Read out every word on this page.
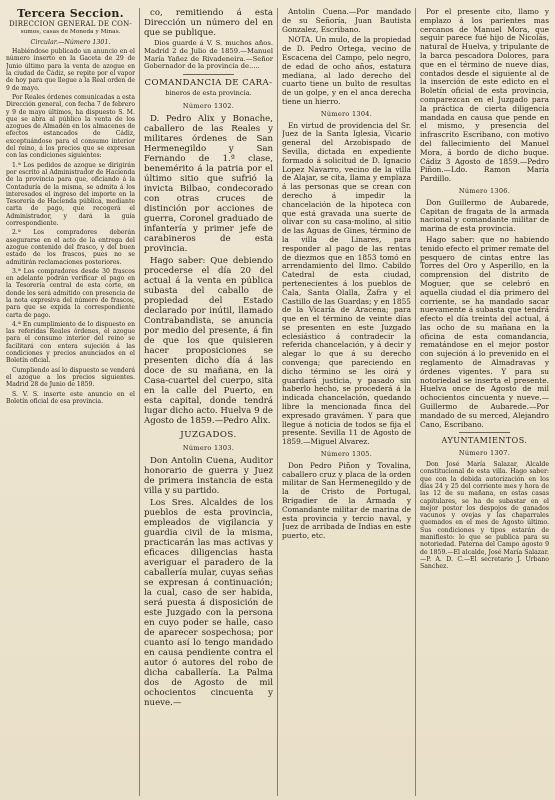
Tercera Seccion.
DIRECCION GENERAL DE CON-
sumos, casas de Moneda y Minas.
Circular.—Número 1301.

Habiéndose publicado un anuncio en el número inserto en la Gaceta de 29 de Junio último para la venta de azogue en la ciudad de Cádiz, se repite por el vapor de hoy para que llegue a la Real orden de 9 de mayo.

Por Reales órdenes comunicadas a esta Dirección general, con fecha 7 de febrero y 9 de mayo últimos, ha dispuesto S. M. que se abra al público la venta de los azogues de Almadén en los almacenes de efectos estancados de Cádiz, exceptuándose para el consumo interior del reino, á los precios que se expresan con las condiciones siguientes:

1.ª Los pedidos de azogue se dirigirán por escrito al Administrador de Hacienda de la provincia para que, oficiando á la Contaduría de la misma, se admita á los interesados el ingreso del importe en la Tesorería de Hacienda pública, mediante carta de pago, que recogerá el Administrador, y dará la guía correspondiente.

2.ª Los compradores deberán asegurarse en el acto de la entrega del azogue contenido del frasco, y del buen estado de los frascos, pues no se admitirán reclamaciones posteriores.

3.ª Los compradores desde 30 frascos en adelante podrán verificar el pago en la Tesorería central de esta corte, en donde les será admitido con presencia de la nota expresiva del número de frascos, para que se expida la correspondiente carta de pago.

4.ª En cumplimiento de lo dispuesto en las referidas Reales órdenes, el azogue para el consumo interior del reino se facilitará con entera sujeción á las condiciones y precios anunciados en el Boletín oficial.

Cumpliendo así lo dispuesto se venderá el azogue a los precios siguientes. Madrid 28 de Junio de 1859.

S. V. S. inserte este anuncio en el Boletín oficial de esa provincia.

co, remitiendo á esta Dirección un número del en que se publique.

Dios guarde á V. S. muchos años. Madrid 2 de Julio de 1859.—Manuel María Yañez de Rivadeneira.—Señor Gobernador de la provincia de.....

COMANDANCIA DE CARA-
bineros de esta provincia.
Número 1302.

D. Pedro Alix y Bonache, caballero de las Reales y militares órdenes de San Hermenegildo y San Fernando de 1.ª clase, benemérito á la patria por el último sitio que sufrió la invicta Bilbao, condecorado con otras cruces de distinción por acciones de guerra, Coronel graduado de infantería y primer jefe de carabineros de esta provincia.

Hago saber: Que debiendo procederse el día 20 del actual á la venta en pública subasta del caballo de propiedad del Estado declarado por inútil, llamado Contrabandista, se anuncia por medio del presente, á fin de que los que quisieren hacer proposiciones se presenten dicho día á las doce de su mañana, en la Casa-cuartel del cuerpo, sita en la calle del Puerto, en esta capital, donde tendrá lugar dicho acto. Huelva 9 de Agosto de 1859.—Pedro Alix.

JUZGADOS.
Número 1303.

Don Antolin Cuena, Auditor honorario de guerra y Juez de primera instancia de esta villa y su partido.

Los Sres. Alcaldes de los pueblos de esta provincia, empleados de vigilancia y guardia civil de la misma, practicarán las mas activas y eficaces diligencias hasta averiguar el paradero de la caballería mular, cuyas señas se expresan á continuación; la cual, caso de ser habida, será puesta á disposición de este Juzgado con la persona en cuyo poder se halle, caso de aparecer sospechosa; por cuanto así lo tengo mandado en causa pendiente contra el autor ó autores del robo de dicha caballería. La Palma dos de Agosto de mil ochocientos cincuenta y nueve.—

Antolin Cuena.—Por mandado de su Señoría, Juan Bautista Gonzalez, Escribano.

NOTA. Un mulo, de la propiedad de D. Pedro Ortega, vecino de Escacena del Campo, pelo negro, de edad de ocho años, estatura mediana, al lado derecho del cuarto tiene un bulto de resultas de un golpe, y en el anca derecha tiene un hierro.

Número 1304.

En virtud de providencia del Sr. Juez de la Santa Iglesia, Vicario general del Arzobispado de Sevilla, dictada en expediente formado á solicitud de D. Ignacio Lopez Navarro, vecino de la villa de Alajar, se cita, llama y emplaza á las personas que se crean con derecho á impedir la chancelación de la hipoteca con que está gravada una suerte de olivar con su casa-molino, al sitio de las Aguas de Gines, término de la villa de Linares, para responder al pago de las rentas de diezmos que en 1853 tomó en arrendamiento del Ilmo. Cabildo Catedral de esta ciudad, pertenecientes á los pueblos de Cala, Santa Olalla, Zafra y el Castillo de las Guardas; y en 1855 de la Vicaría de Aracena; para que en el término de veinte días se presenten en este Juzgado eclesiástico á contradecir la referida chancelación, y á decir y alegar lo que á su derecho convenga; que pareciendo en dicho término se les oirá y guardará justicia, y pasado sin haberlo hecho, se procederá á la indicada chancelación, quedando libre la mencionada finca del expresado gravámen. Y para que llegue á noticia de todos se fija el presente. Sevilla 11 de Agosto de 1859.—Miguel Alvarez.

Número 1305.

Don Pedro Piñon y Tovalina, caballero cruz y placa de la orden militar de San Hermenegildo y de la de Cristo de Portugal, Brigadier de la Armada y Comandante militar de marina de esta provincia y tercio naval, y Juez de arribada de Indias en este puerto, etc.

Por el presente cito, llamo y emplazo á los parientes mas cercanos de Manuel Mora, que seguir parece fué hijo de Nicolás, natural de Huelva, y tripulante de la barca pescadora Dolores, para que en el término de nueve días, contados desde el siguiente al de la inserción de este edicto en el Boletín oficial de esta provincia, comparezcan en el Juzgado para la práctica de cierta diligencia mandada en causa que pende en el mismo, y presencia del infrascrito Escribano, con motivo del fallecimiento del Manuel Mora, á bordo de dicho buque. Cádiz 3 Agosto de 1859.—Pedro Piñon.—Ldo. Ramon María Pardillo.

Número 1306.

Don Guillermo de Aubarede, Capitan de fragata de la armada nacional y comandante militar de marina de esta provincia.

Hago saber: que no habiendo tenido efecto el primer remate del pesquero de cintas entre las Torres del Oro y Asperillo, en la comprension del distrito de Moguer, que se celebró en aquella ciudad el día primero del corriente, se ha mandado sacar nuevamente á subasta que tendrá efecto el día treinta del actual, á las ocho de su mañana en la oficina de esta comandancia, rematándose en el mejor postor con sujeción á lo prevenido en el reglamento de Almadravas y órdenes vigentes. Y para su notoriedad se inserta el presente. Huelva once de Agosto de mil ochocientos cincuenta y nueve.—Guillermo de Aubarede.—Por mandado de su merced, Alejandro Cano, Escribano.

AYUNTAMIENTOS.
Número 1307.

Don José María Salazar, Alcalde constitucional de esta villa. Hago saber: que con la debida autorización en los días 24 y 25 del corriente mes y hora de las 12 de su mañana, en estas casas capitulares, se ha de subastar en el mejor postor los despojos de ganados vacunos y ovejas y las chaparrales quemados en el mes de Agosto último. Sus condiciones y tipos estarán de manifiesto: lo que se publica para su notoriedad. Paterna del Campo agosto 9 de 1859.—El alcalde, José María Salazar.—P. A. D. C.—El secretario J. Urbano Sanchez.
